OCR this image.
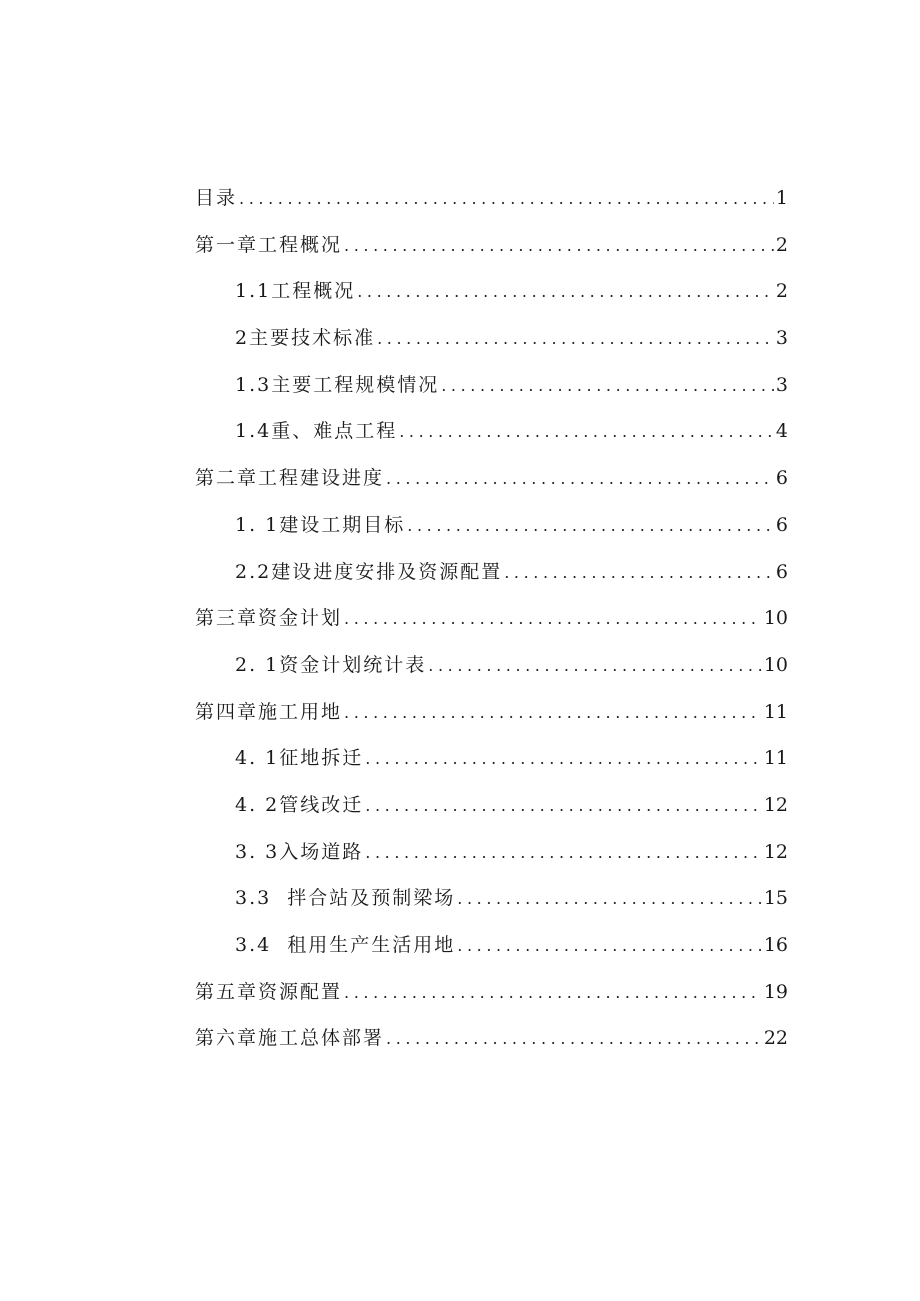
目录 .....	1
第一章工程概况 .....	2
1.1工程概况 .....	2
2主要技术标准 .....	3
1.3主要工程规模情况 .....	3
1.4重、难点工程 .....	4
第二章工程建设进度 .....	6
1. 1建设工期目标 .....	6
2.2建设进度安排及资源配置 .....	6
第三章资金计划 .....	10
2. 1资金计划统计表 .....	10
第四章施工用地 .....	11
4. 1征地拆迁 .....	11
4. 2管线改迁 .....	12
3. 3入场道路 .....	12
3.3  拌合站及预制梁场 .....	15
3.4  租用生产生活用地 .....	16
第五章资源配置 .....	19
第六章施工总体部署 .....	22
